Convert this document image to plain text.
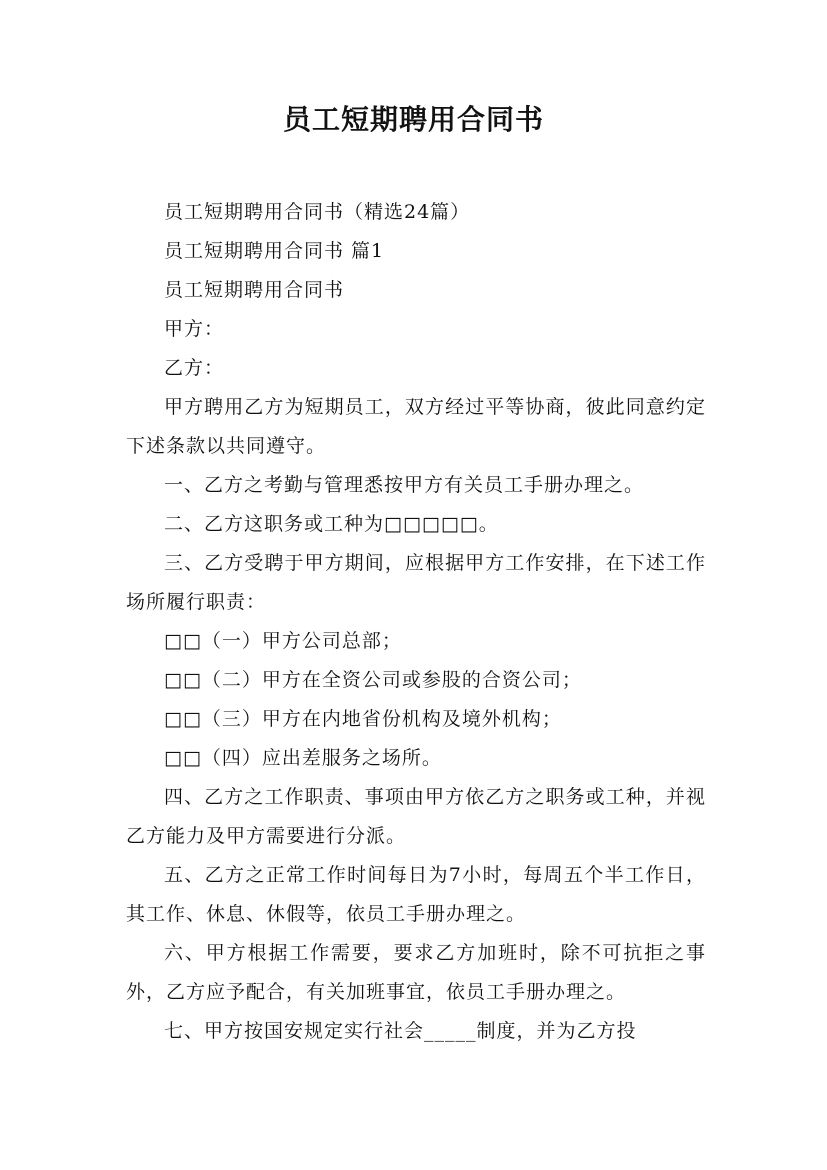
员工短期聘用合同书

员工短期聘用合同书（精选24篇）

员工短期聘用合同书 篇1

员工短期聘用合同书

甲方：

乙方：

甲方聘用乙方为短期员工，双方经过平等协商，彼此同意约定下述条款以共同遵守。

一、乙方之考勤与管理悉按甲方有关员工手册办理之。

二、乙方这职务或工种为□□□□□。

三、乙方受聘于甲方期间，应根据甲方工作安排，在下述工作场所履行职责：

□□（一）甲方公司总部；

□□（二）甲方在全资公司或参股的合资公司；

□□（三）甲方在内地省份机构及境外机构；

□□（四）应出差服务之场所。

四、乙方之工作职责、事项由甲方依乙方之职务或工种，并视乙方能力及甲方需要进行分派。

五、乙方之正常工作时间每日为7小时，每周五个半工作日，其工作、休息、休假等，依员工手册办理之。

六、甲方根据工作需要，要求乙方加班时，除不可抗拒之事外，乙方应予配合，有关加班事宜，依员工手册办理之。

七、甲方按国安规定实行社会_____制度，并为乙方投
